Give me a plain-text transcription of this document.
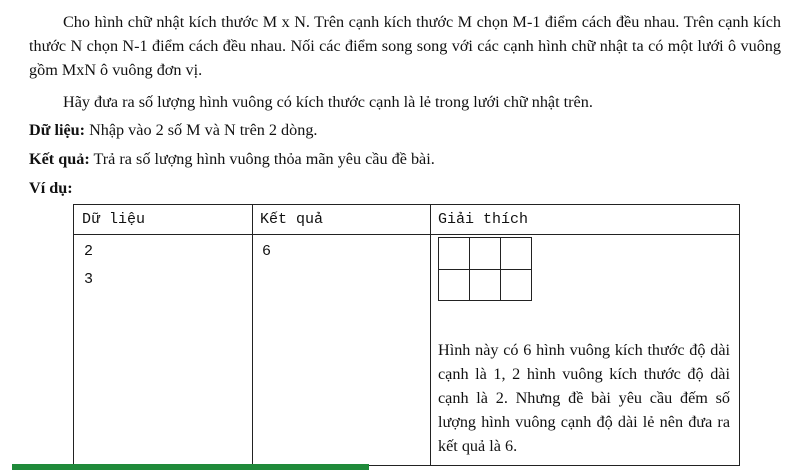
Cho hình chữ nhật kích thước M x N. Trên cạnh kích thước M chọn M-1 điểm cách đều nhau. Trên cạnh kích thước N chọn N-1 điểm cách đều nhau. Nối các điểm song song với các cạnh hình chữ nhật ta có một lưới ô vuông gồm MxN ô vuông đơn vị.

Hãy đưa ra số lượng hình vuông có kích thước cạnh là lẻ trong lưới chữ nhật trên.

Dữ liệu: Nhập vào 2 số M và N trên 2 dòng.

Kết quả: Trả ra số lượng hình vuông thỏa mãn yêu cầu đề bài.

Ví dụ:

Dữ liệu	Kết quả	Giải thích
2
3
6

Hình này có 6 hình vuông kích thước độ dài cạnh là 1, 2 hình vuông kích thước độ dài cạnh là 2. Nhưng đề bài yêu cầu đếm số lượng hình vuông cạnh độ dài lẻ nên đưa ra kết quả là 6.
